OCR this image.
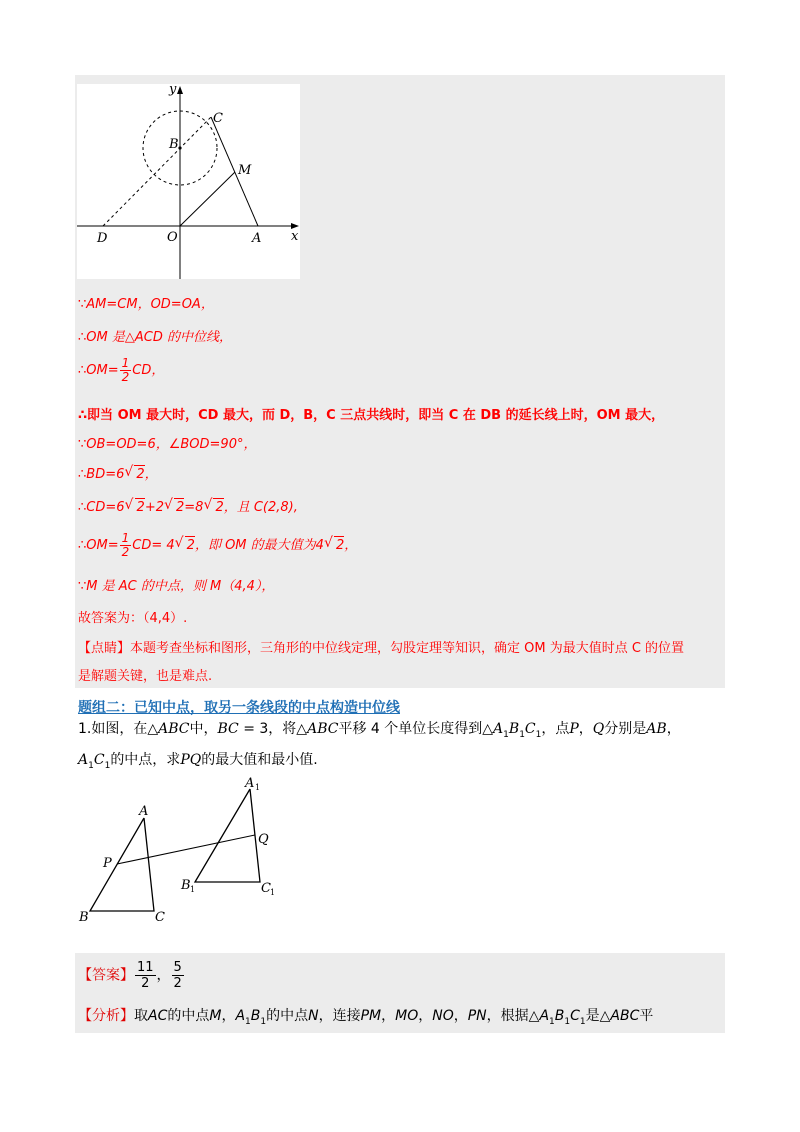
y
x
C
B
M
D	O	A
∵AM=CM，OD=OA，
∴OM 是△ACD 的中位线，
∴OM= $\frac{1}{2}$ CD，
∴即当 OM 最大时，CD 最大，而 D，B，C 三点共线时，即当 C 在 DB 的延长线上时，OM 最大，
∵OB=OD=6，∠BOD=90°，
∴BD=6√ 2，
∴CD=6√ 2+2√ 2=8√ 2，且 C(2,8),
∴OM= $\frac{1}{2} CD= 4√$ 2，即 OM 的最大值为4√ 2，
∵M 是 AC 的中点，则 M（4,4），
故答案为：（4,4）.
【点睛】本题考查坐标和图形，三角形的中位线定理，勾股定理等知识，确定 OM 为最大值时点 C 的位置
是解题关键，也是难点.
题组二：已知中点，取另一条线段的中点构造中位线
1.如图，在△ABC中，BC = 3，将△ABC平移 4 个单位长度得到$\triangle A_1B_1C_1$，点P，Q分别是AB，
$A_1C_1$的中点，求PQ的最大值和最小值.
A
P
B	C
A 1
Q
B 1	C 1
【答案】 $\frac{11}{2}$ ， $\frac{5}{2}$
【分析】取AC的中点M，$A_1B_1$的中点N，连接PM，MO，NO，PN，根据$\triangle A_1B_1C_1$是△ABC平
